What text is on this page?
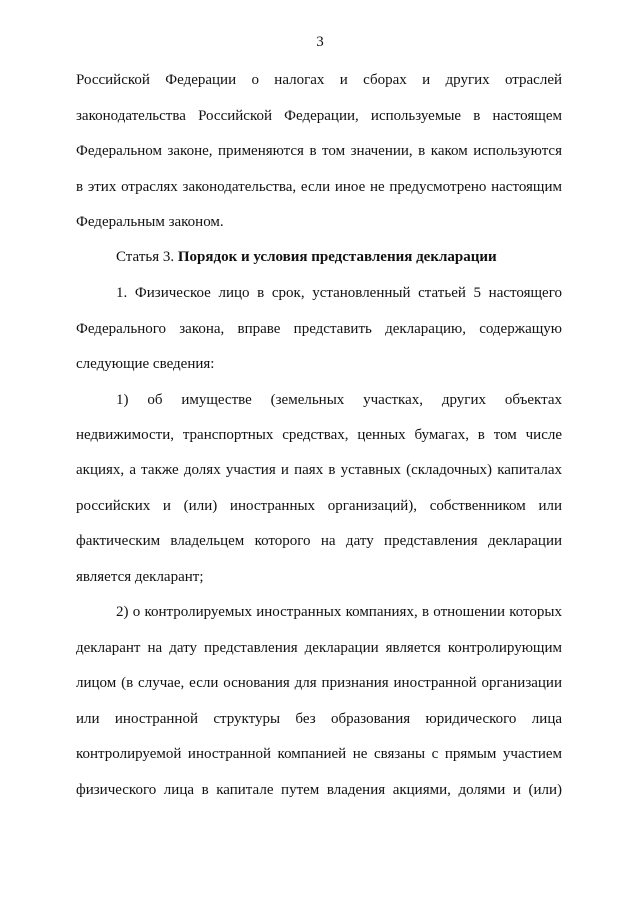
3
Российской Федерации о налогах и сборах и других отраслей
законодательства Российской Федерации, используемые в настоящем
Федеральном законе, применяются в том значении, в каком используются
в этих отраслях законодательства, если иное не предусмотрено настоящим
Федеральным законом.
Статья 3. Порядок и условия представления декларации
1. Физическое лицо в срок, установленный статьей 5 настоящего
Федерального закона, вправе представить декларацию, содержащую
следующие сведения:
1) об имуществе (земельных участках, других объектах
недвижимости, транспортных средствах, ценных бумагах, в том числе
акциях, а также долях участия и паях в уставных (складочных) капиталах
российских и (или) иностранных организаций), собственником или
фактическим владельцем которого на дату представления декларации
является декларант;
2) о контролируемых иностранных компаниях, в отношении которых
декларант на дату представления декларации является контролирующим
лицом (в случае, если основания для признания иностранной организации
или иностранной структуры без образования юридического лица
контролируемой иностранной компанией не связаны с прямым участием
физического лица в капитале путем владения акциями, долями и (или)
